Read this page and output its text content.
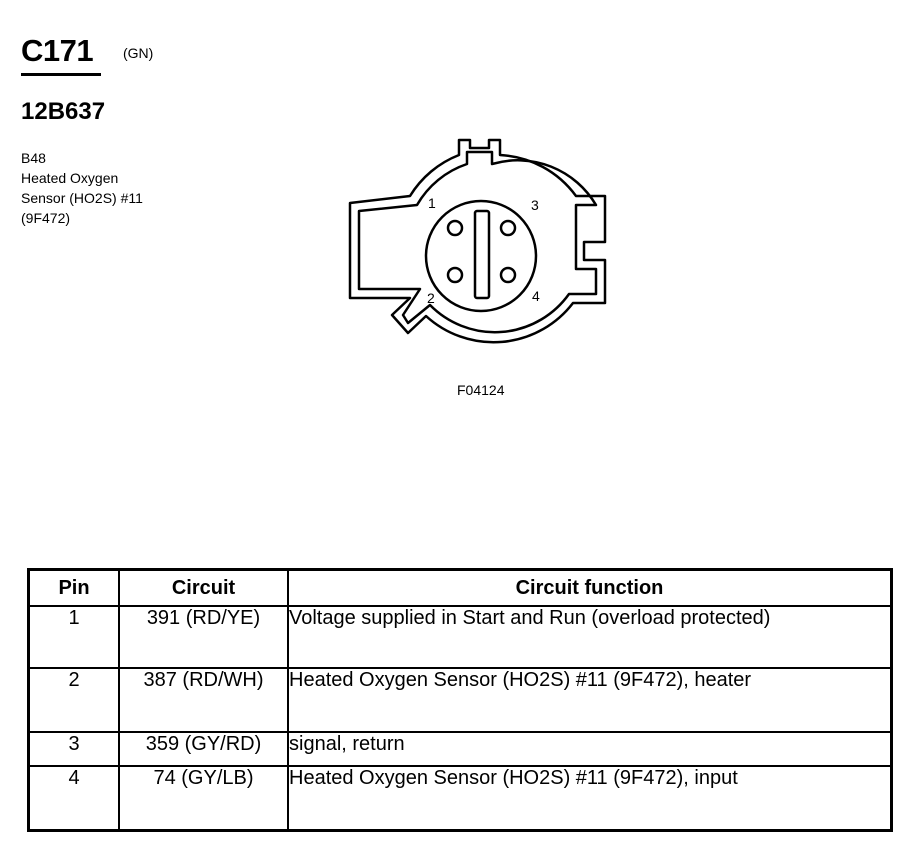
C171 (GN)
12B637
B48
Heated Oxygen
Sensor (HO2S) #11
(9F472)
1	3
2	4
F04124
Pin	Circuit	Circuit function
1	391 (RD/YE)	Voltage supplied in Start and Run (overload protected)
2	387 (RD/WH)	Heated Oxygen Sensor (HO2S) #11 (9F472), heater
3	359 (GY/RD)	signal, return
4	74 (GY/LB)	Heated Oxygen Sensor (HO2S) #11 (9F472), input
